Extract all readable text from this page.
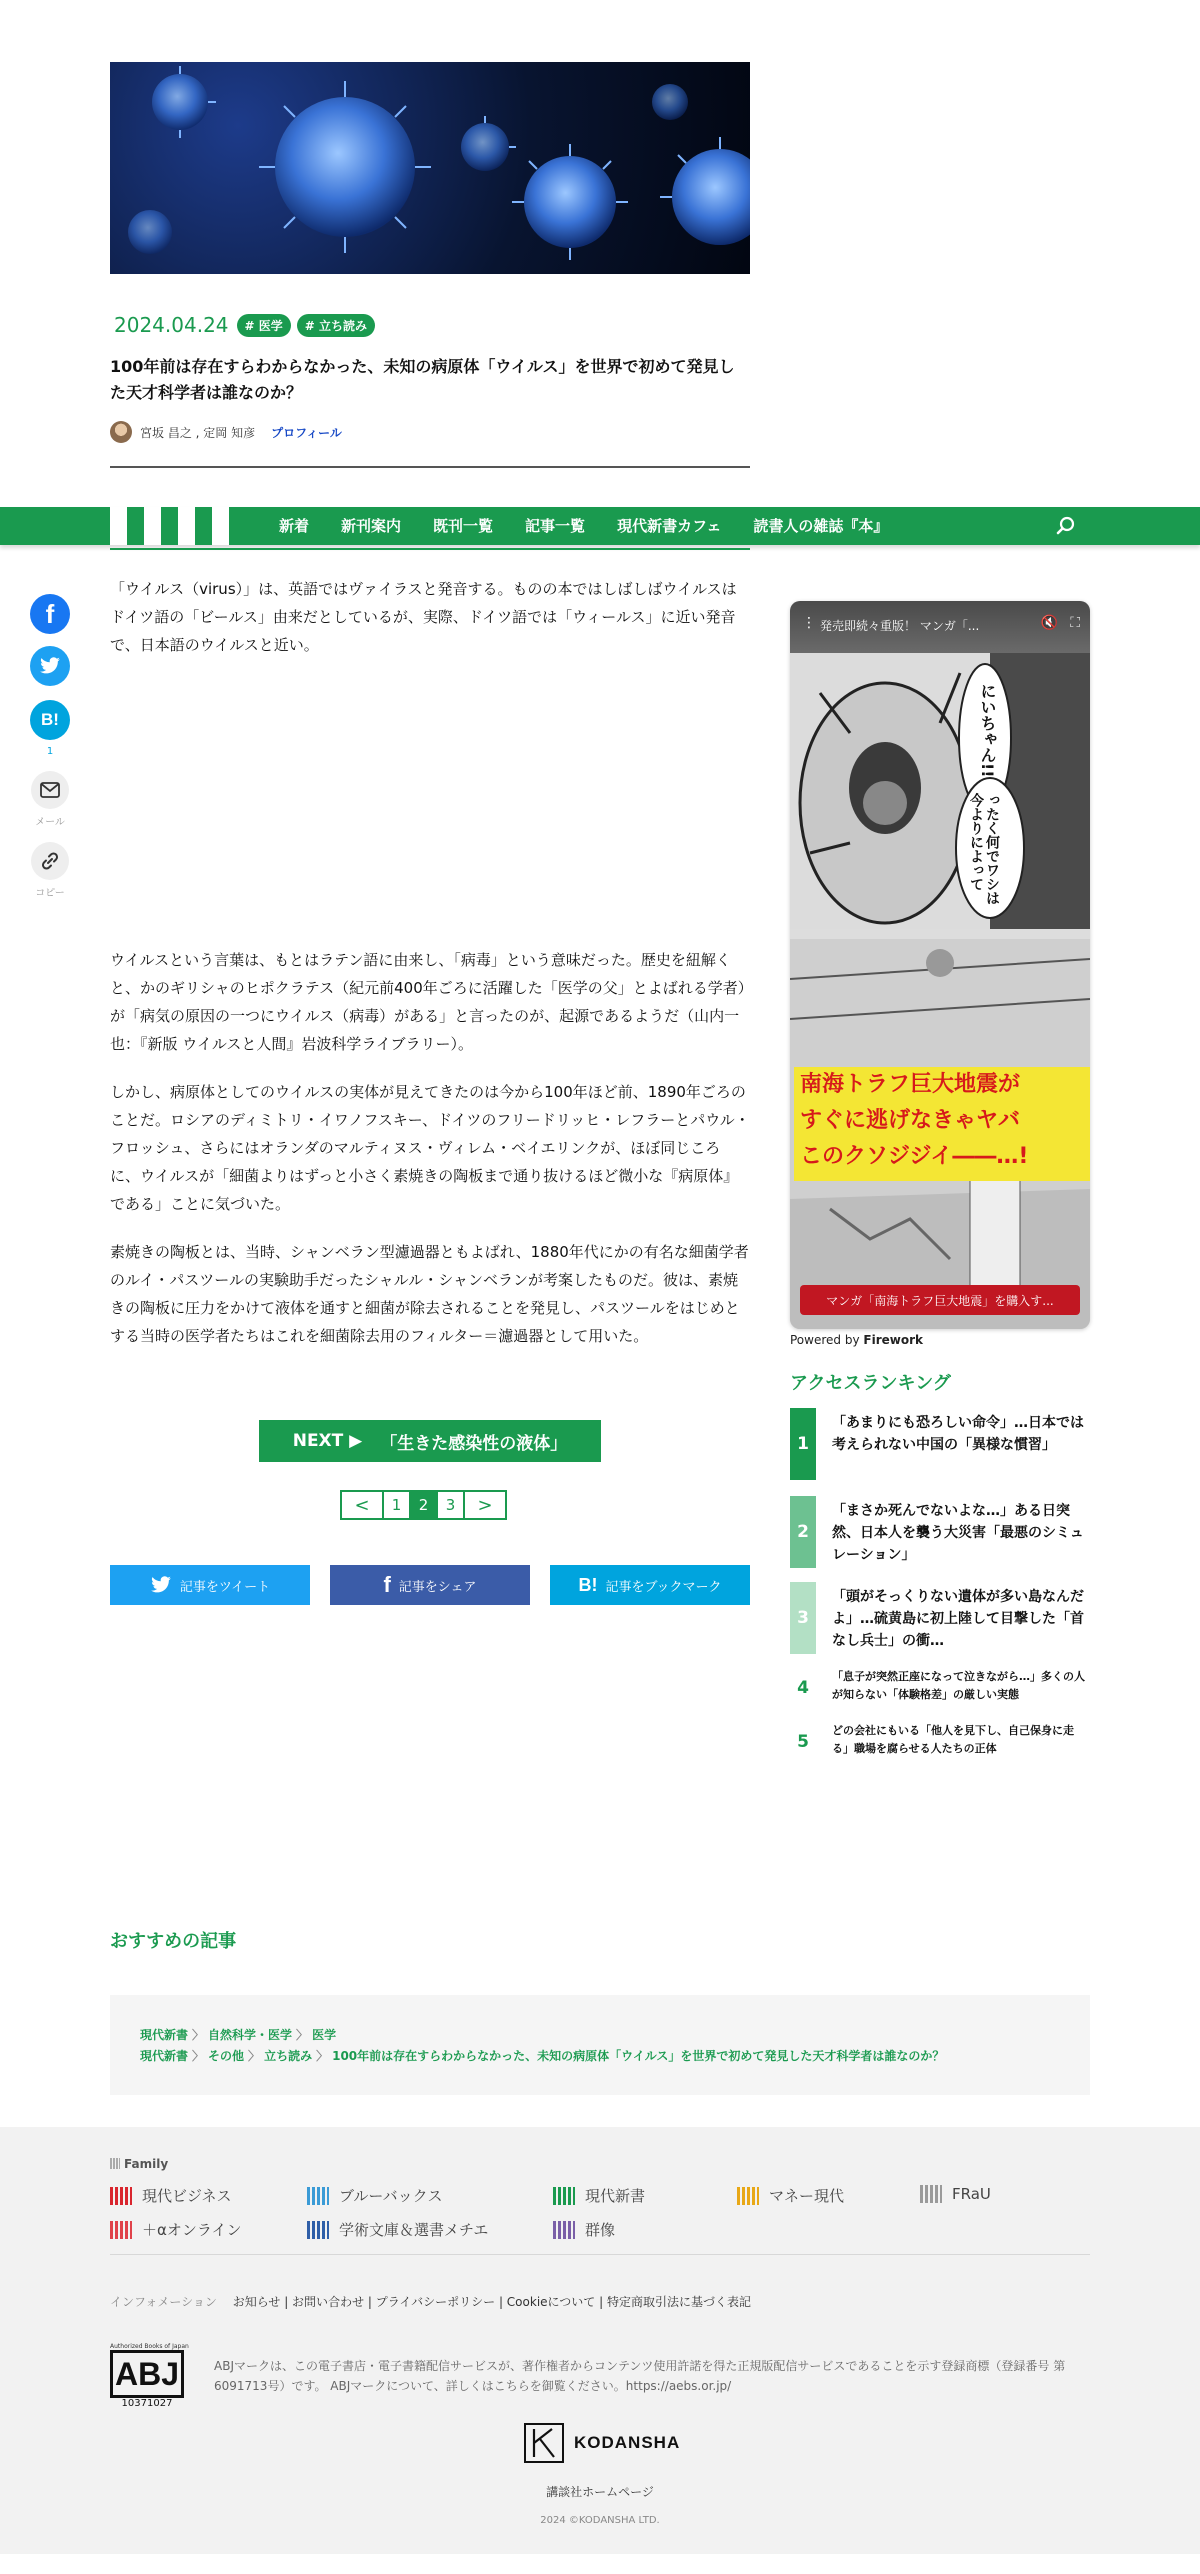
2024.04.24	# 医学	# 立ち読み
100年前は存在すらわからなかった、未知の病原体「ウイルス」を世界で初めて発見した天才科学者は誰なのか？
宮坂 昌之 , 定岡 知彦 プロフィール
新着	新刊案内	既刊一覧	記事一覧	現代新書カフェ	読書人の雑誌『本』
f
B!
1
メール
コピー

「ウイルス（virus）」は、英語ではヴァイラスと発音する。ものの本ではしばしばウイルスはドイツ語の「ビールス」由来だとしているが、実際、ドイツ語では「ウィールス」に近い発音で、日本語のウイルスと近い。

ウイルスという言葉は、もとはラテン語に由来し、「病毒」という意味だった。歴史を紐解くと、かのギリシャのヒポクラテス（紀元前400年ごろに活躍した「医学の父」とよばれる学者）が「病気の原因の一つにウイルス（病毒）がある」と言ったのが、起源であるようだ（山内一也：『新版 ウイルスと人間』岩波科学ライブラリー）。

しかし、病原体としてのウイルスの実体が見えてきたのは今から100年ほど前、1890年ごろのことだ。ロシアのディミトリ・イワノフスキー、ドイツのフリードリッヒ・レフラーとパウル・フロッシュ、さらにはオランダのマルティヌス・ヴィレム・ベイエリンクが、ほぼ同じころに、ウイルスが「細菌よりはずっと小さく素焼きの陶板まで通り抜けるほど微小な『病原体』である」ことに気づいた。

素焼きの陶板とは、当時、シャンベラン型濾過器ともよばれ、1880年代にかの有名な細菌学者のルイ・パスツールの実験助手だったシャルル・シャンベランが考案したものだ。彼は、素焼きの陶板に圧力をかけて液体を通すと細菌が除去されることを発見し、パスツールをはじめとする当時の医学者たちはこれを細菌除去用のフィルター＝濾過器として用いた。

NEXT ▶ 「生きた感染性の液体」
<	1	2	3	>
記事をツイート	f 記事をシェア	B! 記事をブックマーク
にいちゃん!!
ったく何でワシは今よりによって
南海トラフ巨大地震が
すぐに逃げなきゃヤバ
このクソジジイ――…!
⋮ 発売即続々重版！ マンガ「...	🔇 ⛶
マンガ「南海トラフ巨大地震」を購入す...
Powered by Firework
アクセスランキング
1
「あまりにも恐ろしい命令」…日本では考えられない中国の「異様な慣習」
2
「まさか死んでないよな…」ある日突然、日本人を襲う大災害「最悪のシミュレーション」
3
「頭がそっくりない遺体が多い島なんだよ」…硫黄島に初上陸して目撃した「首なし兵士」の衝…
4
「息子が突然正座になって泣きながら…」多くの人が知らない「体験格差」の厳しい実態
5
どの会社にもいる「他人を見下し、自己保身に走る」職場を腐らせる人たちの正体
おすすめの記事
現代新書 〉 自然科学・医学 〉 医学
現代新書 〉 その他 〉 立ち読み 〉 100年前は存在すらわからなかった、未知の病原体「ウイルス」を世界で初めて発見した天才科学者は誰なのか？
Family
現代ビジネス	ブルーバックス	現代新書	マネー現代	FRaU
＋αオンライン	学術文庫＆選書メチエ	群像
インフォメーション お知らせ | お問い合わせ | プライバシーポリシー | Cookieについて | 特定商取引法に基づく表記
Authorized Books of Japan
ABJ
10371027

ABJマークは、この電子書店・電子書籍配信サービスが、著作権者からコンテンツ使用許諾を得た正規版配信サービスであることを示す登録商標（登録番号 第6091713号）です。 ABJマークについて、詳しくはこちらを御覧ください。https://aebs.or.jp/

KODANSHA
講談社ホームページ
2024 ©KODANSHA LTD.
